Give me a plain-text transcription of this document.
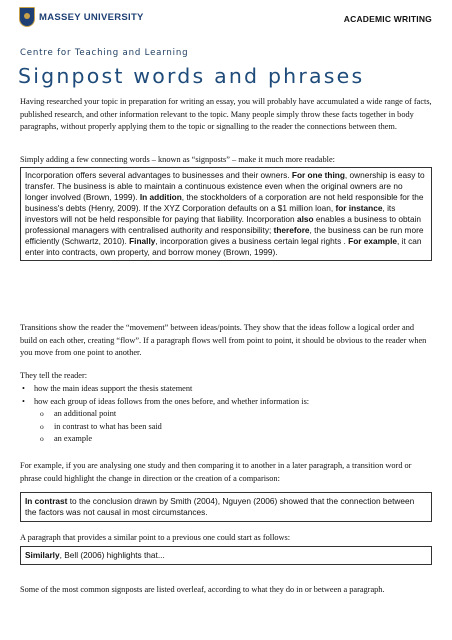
ACADEMIC WRITING
MASSEY UNIVERSITY
Centre for Teaching and Learning
Signpost words and phrases

Having researched your topic in preparation for writing an essay, you will probably have accumulated a wide range of facts, published research, and other information relevant to the topic. Many people simply throw these facts together in body paragraphs, without properly applying them to the topic or signalling to the reader the connections between them.

Simply adding a few connecting words – known as “signposts” – make it much more readable:

Incorporation offers several advantages to businesses and their owners. For one thing, ownership is easy to transfer. The business is able to maintain a continuous existence even when the original owners are no longer involved (Brown, 1999). In addition, the stockholders of a corporation are not held responsible for the business's debts (Henry, 2009). If the XYZ Corporation defaults on a $1 million loan, for instance, its investors will not be held responsible for paying that liability. Incorporation also enables a business to obtain professional managers with centralised authority and responsibility; therefore, the business can be run more efficiently (Schwartz, 2010). Finally, incorporation gives a business certain legal rights . For example, it can enter into contracts, own property, and borrow money (Brown, 1999).

Transitions show the reader the “movement” between ideas/points. They show that the ideas follow a logical order and build on each other, creating “flow”. If a paragraph flows well from point to point, it should be obvious to the reader when you move from one point to another.

They tell the reader:

• how the main ideas support the thesis statement
• how each group of ideas follows from the ones before, and whether information is:
o an additional point
o in contrast to what has been said
o an example

For example, if you are analysing one study and then comparing it to another in a later paragraph, a transition word or phrase could highlight the change in direction or the creation of a comparison:

In contrast to the conclusion drawn by Smith (2004), Nguyen (2006) showed that the connection between the factors was not causal in most circumstances.

A paragraph that provides a similar point to a previous one could start as follows:

Similarly, Bell (2006) highlights that...

Some of the most common signposts are listed overleaf, according to what they do in or between a paragraph.
